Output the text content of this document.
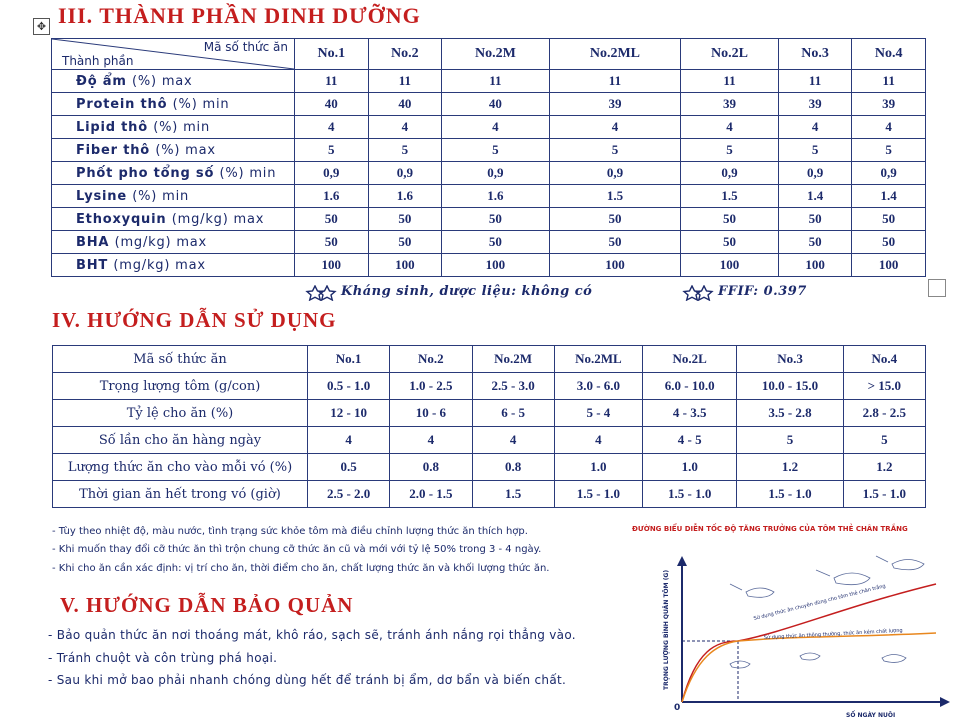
✥ III. THÀNH PHẦN DINH DƯỠNG
Mã số thức ăn
Thành phần	No.1	No.2	No.2M	No.2ML	No.2L	No.3	No.4
Độ ẩm (%) max	11	11	11	11	11	11	11
Protein thô (%) min	40	40	40	39	39	39	39
Lipid thô (%) min	4	4	4	4	4	4	4
Fiber thô (%) max	5	5	5	5	5	5	5
Phốt pho tổng số (%) min	0,9	0,9	0,9	0,9	0,9	0,9	0,9
Lysine (%) min	1.6	1.6	1.6	1.5	1.5	1.4	1.4
Ethoxyquin (mg/kg) max	50	50	50	50	50	50	50
BHA (mg/kg) max	50	50	50	50	50	50	50
BHT (mg/kg) max	100	100	100	100	100	100	100
Kháng sinh, dược liệu: không có	FFIF: 0.397
IV. HƯỚNG DẪN SỬ DỤNG
Mã số thức ăn	No.1	No.2	No.2M	No.2ML	No.2L	No.3	No.4
Trọng lượng tôm (g/con)	0.5 - 1.0	1.0 - 2.5	2.5 - 3.0	3.0 - 6.0	6.0 - 10.0	10.0 - 15.0	> 15.0
Tỷ lệ cho ăn (%)	12 - 10	10 - 6	6 - 5	5 - 4	4 - 3.5	3.5 - 2.8	2.8 - 2.5
Số lần cho ăn hàng ngày	4	4	4	4	4 - 5	5	5
Lượng thức ăn cho vào mỗi vó (%)	0.5	0.8	0.8	1.0	1.0	1.2	1.2
Thời gian ăn hết trong vó (giờ)	2.5 - 2.0	2.0 - 1.5	1.5	1.5 - 1.0	1.5 - 1.0	1.5 - 1.0	1.5 - 1.0
- Tùy theo nhiệt độ, màu nước, tình trạng sức khỏe tôm mà điều chỉnh lượng thức ăn thích hợp.
- Khi muốn thay đổi cỡ thức ăn thì trộn chung cỡ thức ăn cũ và mới với tỷ lệ 50% trong 3 - 4 ngày.
- Khi cho ăn cần xác định: vị trí cho ăn, thời điểm cho ăn, chất lượng thức ăn và khối lượng thức ăn.
V. HƯỚNG DẪN BẢO QUẢN
- Bảo quản thức ăn nơi thoáng mát, khô ráo, sạch sẽ, tránh ánh nắng rọi thẳng vào.
- Tránh chuột và côn trùng phá hoại.
- Sau khi mở bao phải nhanh chóng dùng hết để tránh bị ẩm, dơ bẩn và biến chất.
ĐƯỜNG BIỂU DIỄN TỐC ĐỘ TĂNG TRƯỞNG CỦA TÔM THẺ CHÂN TRẮNG
Sử dụng thức ăn chuyên dùng cho tôm thẻ chân trắng
Sử dụng thức ăn thông thường, thức ăn kém chất lượng
TRỌNG LƯỢNG BÌNH QUÂN TÔM (G)
SỐ NGÀY NUÔI
0
